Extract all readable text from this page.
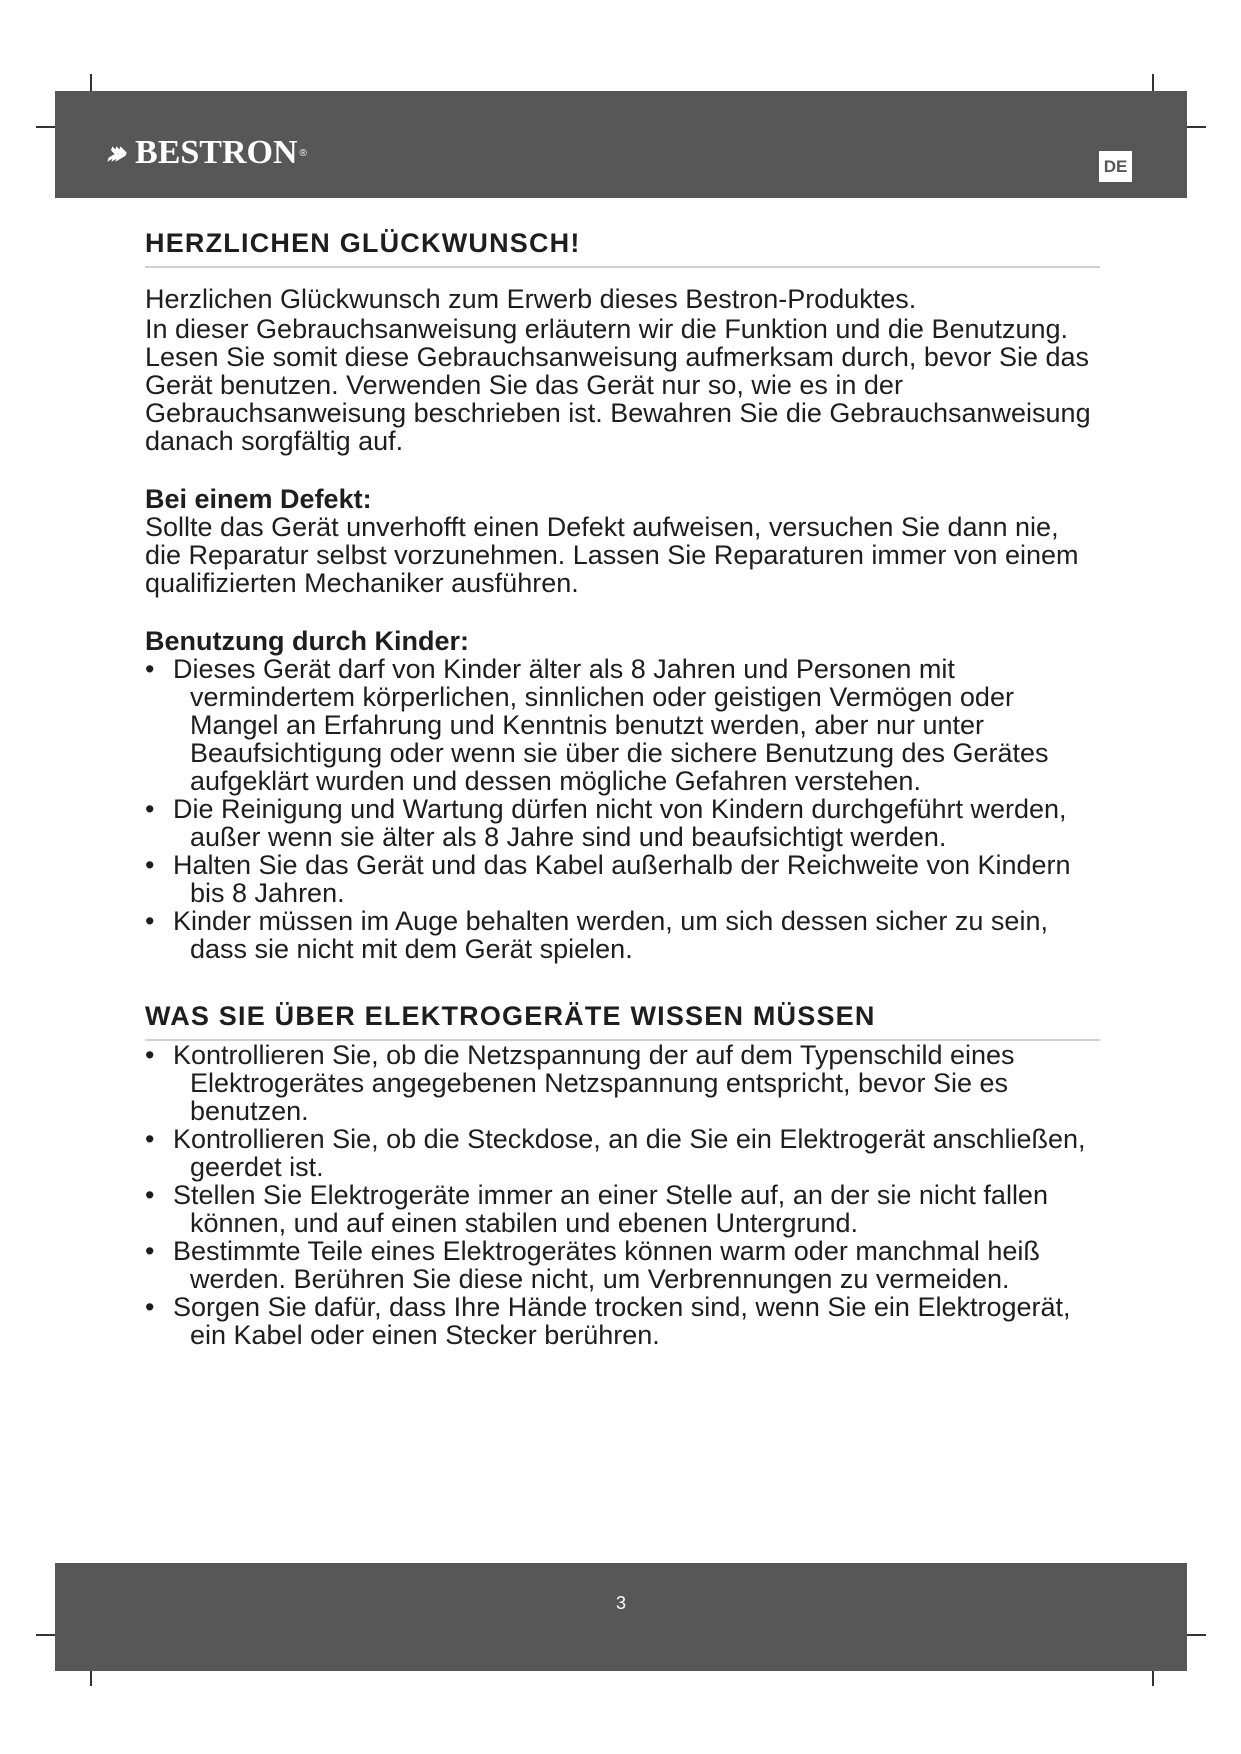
››› BESTRON ®
DE
HERZLICHEN GLÜCKWUNSCH!
Herzlichen Glückwunsch zum Erwerb dieses Bestron-Produktes.
In dieser Gebrauchsanweisung erläutern wir die Funktion und die Benutzung. Lesen Sie somit diese Gebrauchsanweisung aufmerksam durch, bevor Sie das Gerät benutzen. Verwenden Sie das Gerät nur so, wie es in der Gebrauchsanweisung beschrieben ist. Bewahren Sie die Gebrauchsanweisung danach sorgfältig auf.

Bei einem Defekt:

Sollte das Gerät unverhofft einen Defekt aufweisen, versuchen Sie dann nie, die Reparatur selbst vorzunehmen. Lassen Sie Reparaturen immer von einem qualifizierten Mechaniker ausführen.

Benutzung durch Kinder:

• Dieses Gerät darf von Kinder älter als 8 Jahren und Personen mit vermindertem körperlichen, sinnlichen oder geistigen Vermögen oder Mangel an Erfahrung und Kenntnis benutzt werden, aber nur unter Beaufsichtigung oder wenn sie über die sichere Benutzung des Gerätes aufgeklärt wurden und dessen mögliche Gefahren verstehen.
• Die Reinigung und Wartung dürfen nicht von Kindern durchgeführt werden, außer wenn sie älter als 8 Jahre sind und beaufsichtigt werden.
• Halten Sie das Gerät und das Kabel außerhalb der Reichweite von Kindern bis 8 Jahren.
• Kinder müssen im Auge behalten werden, um sich dessen sicher zu sein, dass sie nicht mit dem Gerät spielen.
WAS SIE ÜBER ELEKTROGERÄTE WISSEN MÜSSEN
• Kontrollieren Sie, ob die Netzspannung der auf dem Typenschild eines Elektrogerätes angegebenen Netzspannung entspricht, bevor Sie es benutzen.
• Kontrollieren Sie, ob die Steckdose, an die Sie ein Elektrogerät anschließen, geerdet ist.
• Stellen Sie Elektrogeräte immer an einer Stelle auf, an der sie nicht fallen können, und auf einen stabilen und ebenen Untergrund.
• Bestimmte Teile eines Elektrogerätes können warm oder manchmal heiß werden. Berühren Sie diese nicht, um Verbrennungen zu vermeiden.
• Sorgen Sie dafür, dass Ihre Hände trocken sind, wenn Sie ein Elektrogerät, ein Kabel oder einen Stecker berühren.
3
